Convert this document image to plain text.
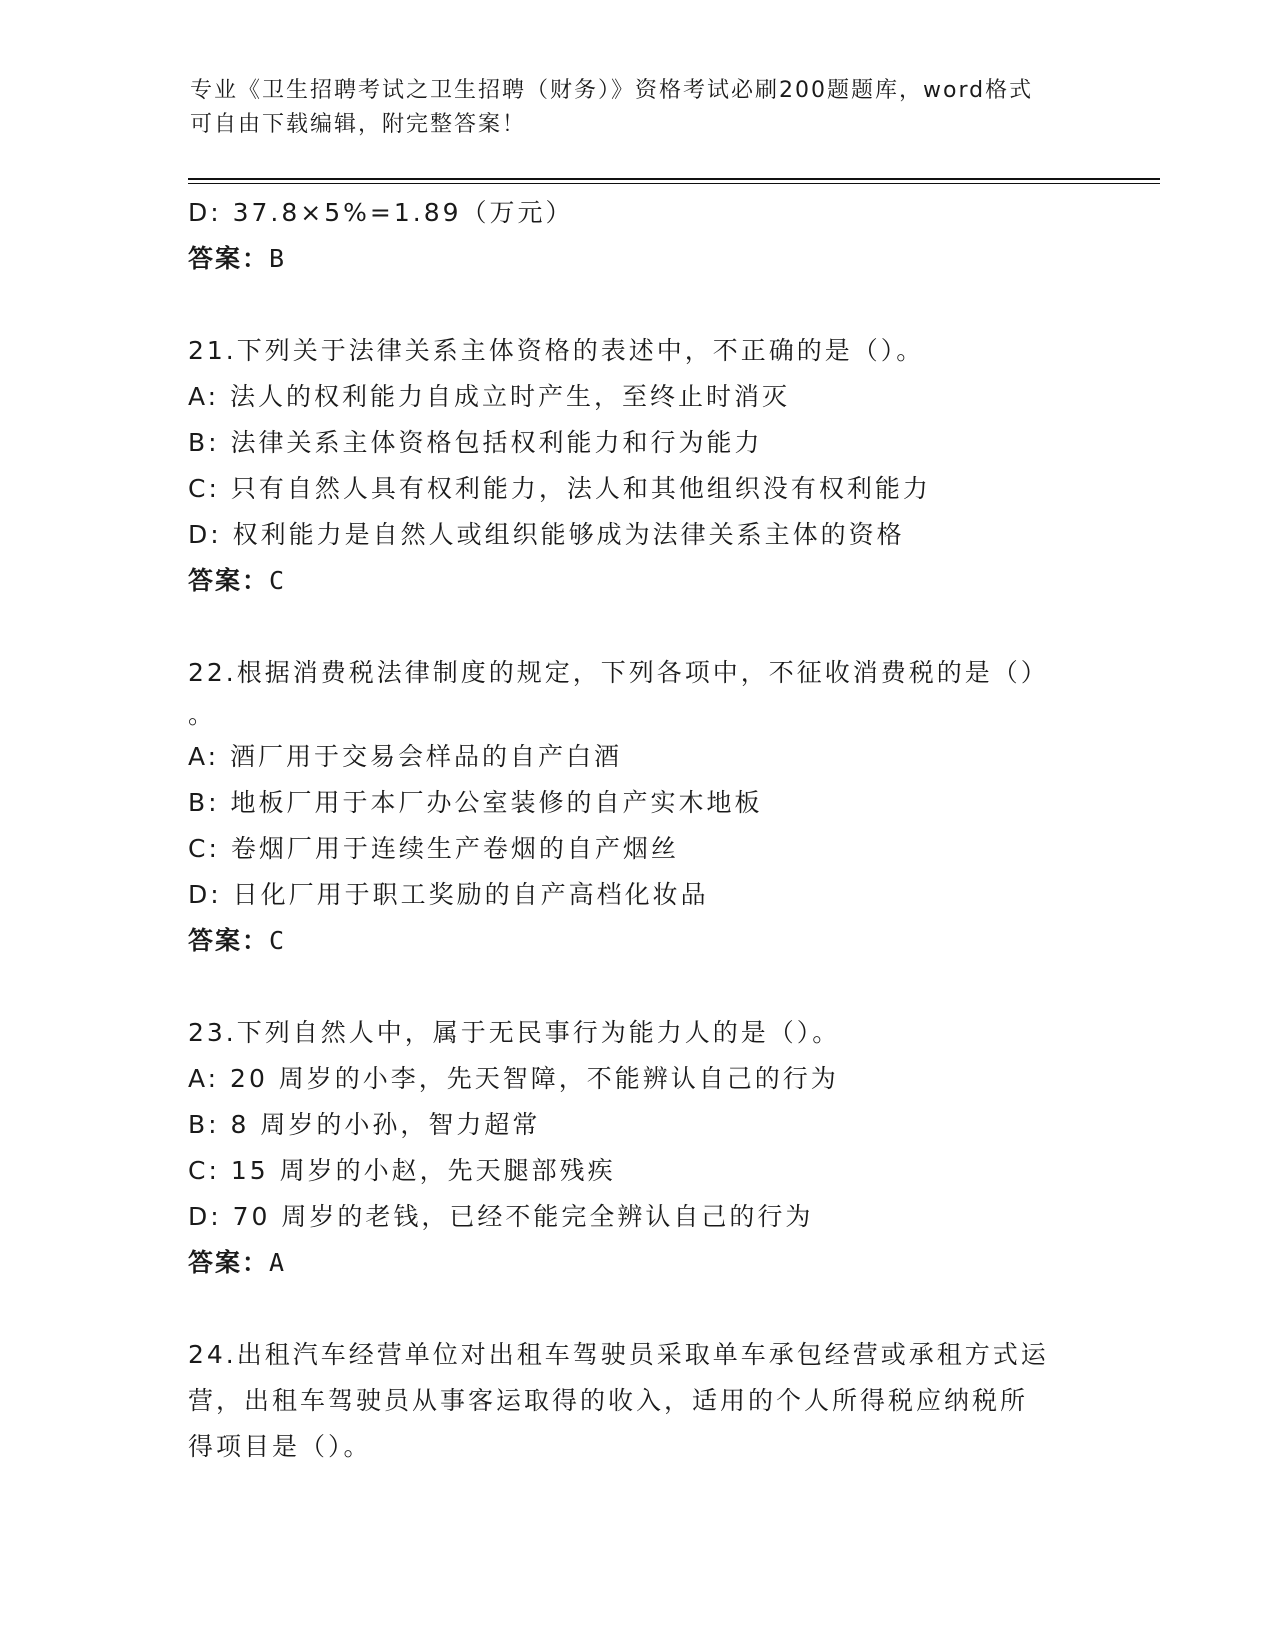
专业《卫生招聘考试之卫生招聘（财务）》资格考试必刷200题题库，word格式
可自由下载编辑，附完整答案！
D: 37.8×5%=1.89（万元）
答案：B
21.下列关于法律关系主体资格的表述中，不正确的是（）。
A: 法人的权利能力自成立时产生，至终止时消灭
B: 法律关系主体资格包括权利能力和行为能力
C: 只有自然人具有权利能力，法人和其他组织没有权利能力
D: 权利能力是自然人或组织能够成为法律关系主体的资格
答案：C
22.根据消费税法律制度的规定，下列各项中，不征收消费税的是（）
。
A: 酒厂用于交易会样品的自产白酒
B: 地板厂用于本厂办公室装修的自产实木地板
C: 卷烟厂用于连续生产卷烟的自产烟丝
D: 日化厂用于职工奖励的自产高档化妆品
答案：C
23.下列自然人中，属于无民事行为能力人的是（）。
A: 20 周岁的小李，先天智障，不能辨认自己的行为
B: 8 周岁的小孙，智力超常
C: 15 周岁的小赵，先天腿部残疾
D: 70 周岁的老钱，已经不能完全辨认自己的行为
答案：A
24.出租汽车经营单位对出租车驾驶员采取单车承包经营或承租方式运
营，出租车驾驶员从事客运取得的收入，适用的个人所得税应纳税所
得项目是（）。
